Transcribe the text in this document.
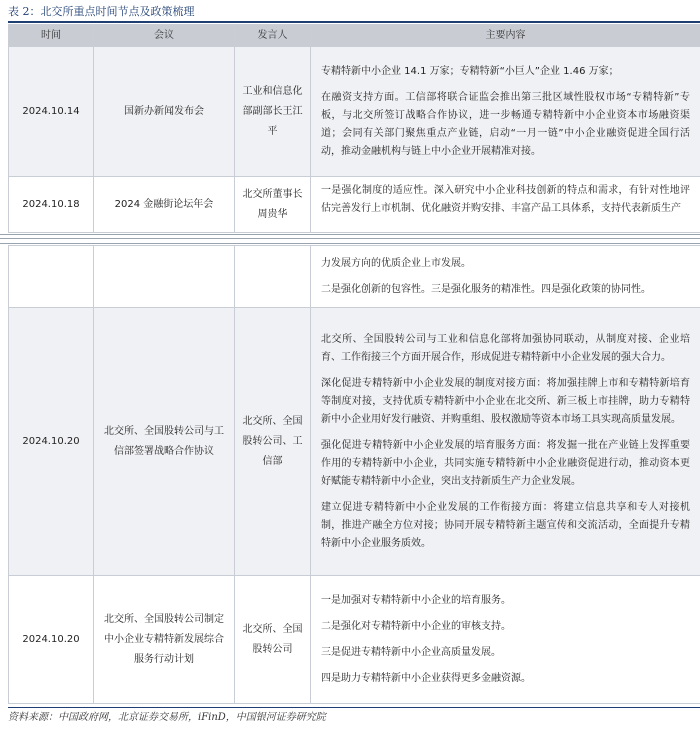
表 2：北交所重点时间节点及政策梳理
时间	会议	发言人	主要内容
2024.10.14	国新办新闻发布会	工业和信息化部副部长王江平	专精特新中小企业 14.1 万家；专精特新“小巨人”企业 1.46 万家；

在融资支持方面。工信部将联合证监会推出第三批区域性股权市场“专精特新”专板，与北交所签订战略合作协议，进一步畅通专精特新中小企业资本市场融资渠道；会同有关部门聚焦重点产业链，启动“一月一链”中小企业融资促进全国行活动，推动金融机构与链上中小企业开展精准对接。

2024.10.18	2024 金融街论坛年会	北交所董事长 周贵华	一是强化制度的适应性。深入研究中小企业科技创新的特点和需求，有针对性地评估完善发行上市机制、优化融资并购安排、丰富产品工具体系，支持代表新质生产

			力发展方向的优质企业上市发展。

二是强化创新的包容性。三是强化服务的精准性。四是强化政策的协同性。

2024.10.20	北交所、全国股转公司与工信部签署战略合作协议	北交所、全国股转公司、工信部	北交所、全国股转公司与工业和信息化部将加强协同联动，从制度对接、企业培育、工作衔接三个方面开展合作，形成促进专精特新中小企业发展的强大合力。

深化促进专精特新中小企业发展的制度对接方面：将加强挂牌上市和专精特新培育等制度对接，支持优质专精特新中小企业在北交所、新三板上市挂牌，助力专精特新中小企业用好发行融资、并购重组、股权激励等资本市场工具实现高质量发展。

强化促进专精特新中小企业发展的培育服务方面：将发掘一批在产业链上发挥重要作用的专精特新中小企业，共同实施专精特新中小企业融资促进行动，推动资本更好赋能专精特新中小企业，突出支持新质生产力企业发展。

建立促进专精特新中小企业发展的工作衔接方面：将建立信息共享和专人对接机制，推进产融全方位对接；协同开展专精特新主题宣传和交流活动，全面提升专精特新中小企业服务质效。

2024.10.20	北交所、全国股转公司制定中小企业专精特新发展综合服务行动计划	北交所、全国股转公司	一是加强对专精特新中小企业的培育服务。

二是强化对专精特新中小企业的审核支持。

三是促进专精特新中小企业高质量发展。

四是助力专精特新中小企业获得更多金融资源。

资料来源：中国政府网，北京证券交易所，iFinD，中国银河证券研究院
